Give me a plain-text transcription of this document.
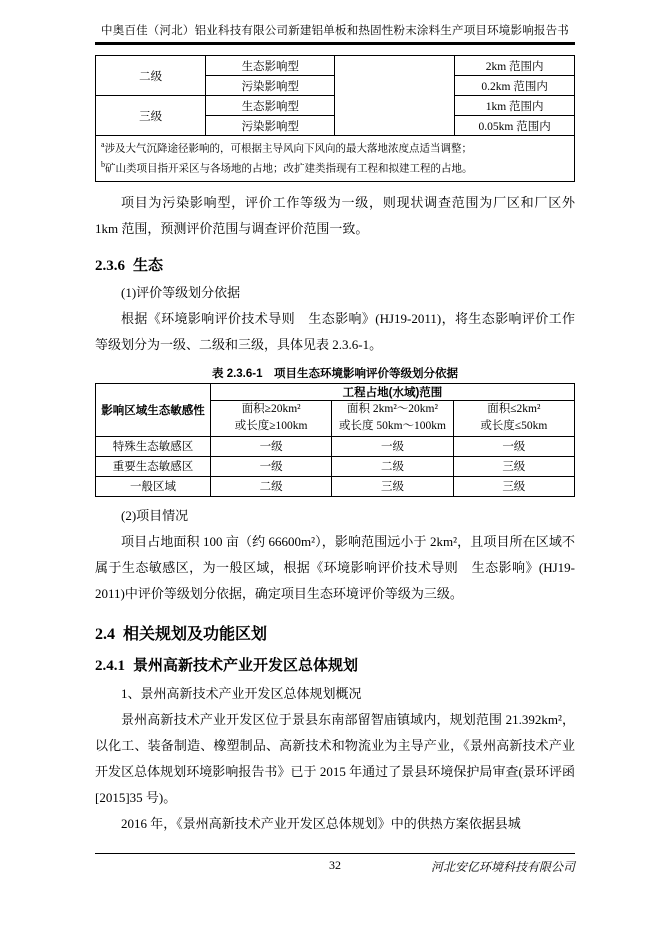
中奥百佳（河北）铝业科技有限公司新建铝单板和热固性粉末涂料生产项目环境影响报告书
二级	生态影响型		2km 范围内
	污染影响型		0.2km 范围内
三级	生态影响型		1km 范围内
	污染影响型		0.05km 范围内

$^a$涉及大气沉降途径影响的，可根据主导风向下风向的最大落地浓度点适当调整；
$^b$矿山类项目指开采区与各场地的占地；改扩建类指现有工程和拟建工程的占地。			

项目为污染影响型，评价工作等级为一级，则现状调查范围为厂区和厂区外 1km 范围，预测评价范围与调查评价范围一致。

2.3.6 生态

(1)评价等级划分依据

根据《环境影响评价技术导则　生态影响》(HJ19-2011)，将生态影响评价工作等级划分为一级、二级和三级，具体见表 2.3.6-1。

表 2.3.6-1　项目生态环境影响评价等级划分依据
影响区域生态敏感性	工程占地(水域)范围		

面积≥20km²
或长度≥100km

面积 2km²～20km²
或长度 50km～100km

面积≤2km²
或长度≤50km

特殊生态敏感区	一级	一级	一级
重要生态敏感区	一级	二级	三级
一般区域	二级	三级	三级

(2)项目情况

项目占地面积 100 亩（约 66600m²），影响范围远小于 2km²，且项目所在区域不属于生态敏感区，为一般区域，根据《环境影响评价技术导则　生态影响》(HJ19-2011)中评价等级划分依据，确定项目生态环境评价等级为三级。

2.4 相关规划及功能区划
2.4.1 景州高新技术产业开发区总体规划

1、景州高新技术产业开发区总体规划概况

景州高新技术产业开发区位于景县东南部留智庙镇域内，规划范围 21.392km²，以化工、装备制造、橡塑制品、高新技术和物流业为主导产业，《景州高新技术产业开发区总体规划环境影响报告书》已于 2015 年通过了景县环境保护局审查(景环评函[2015]35 号)。

2016 年，《景州高新技术产业开发区总体规划》中的供热方案依据县城

32	河北安亿环境科技有限公司
